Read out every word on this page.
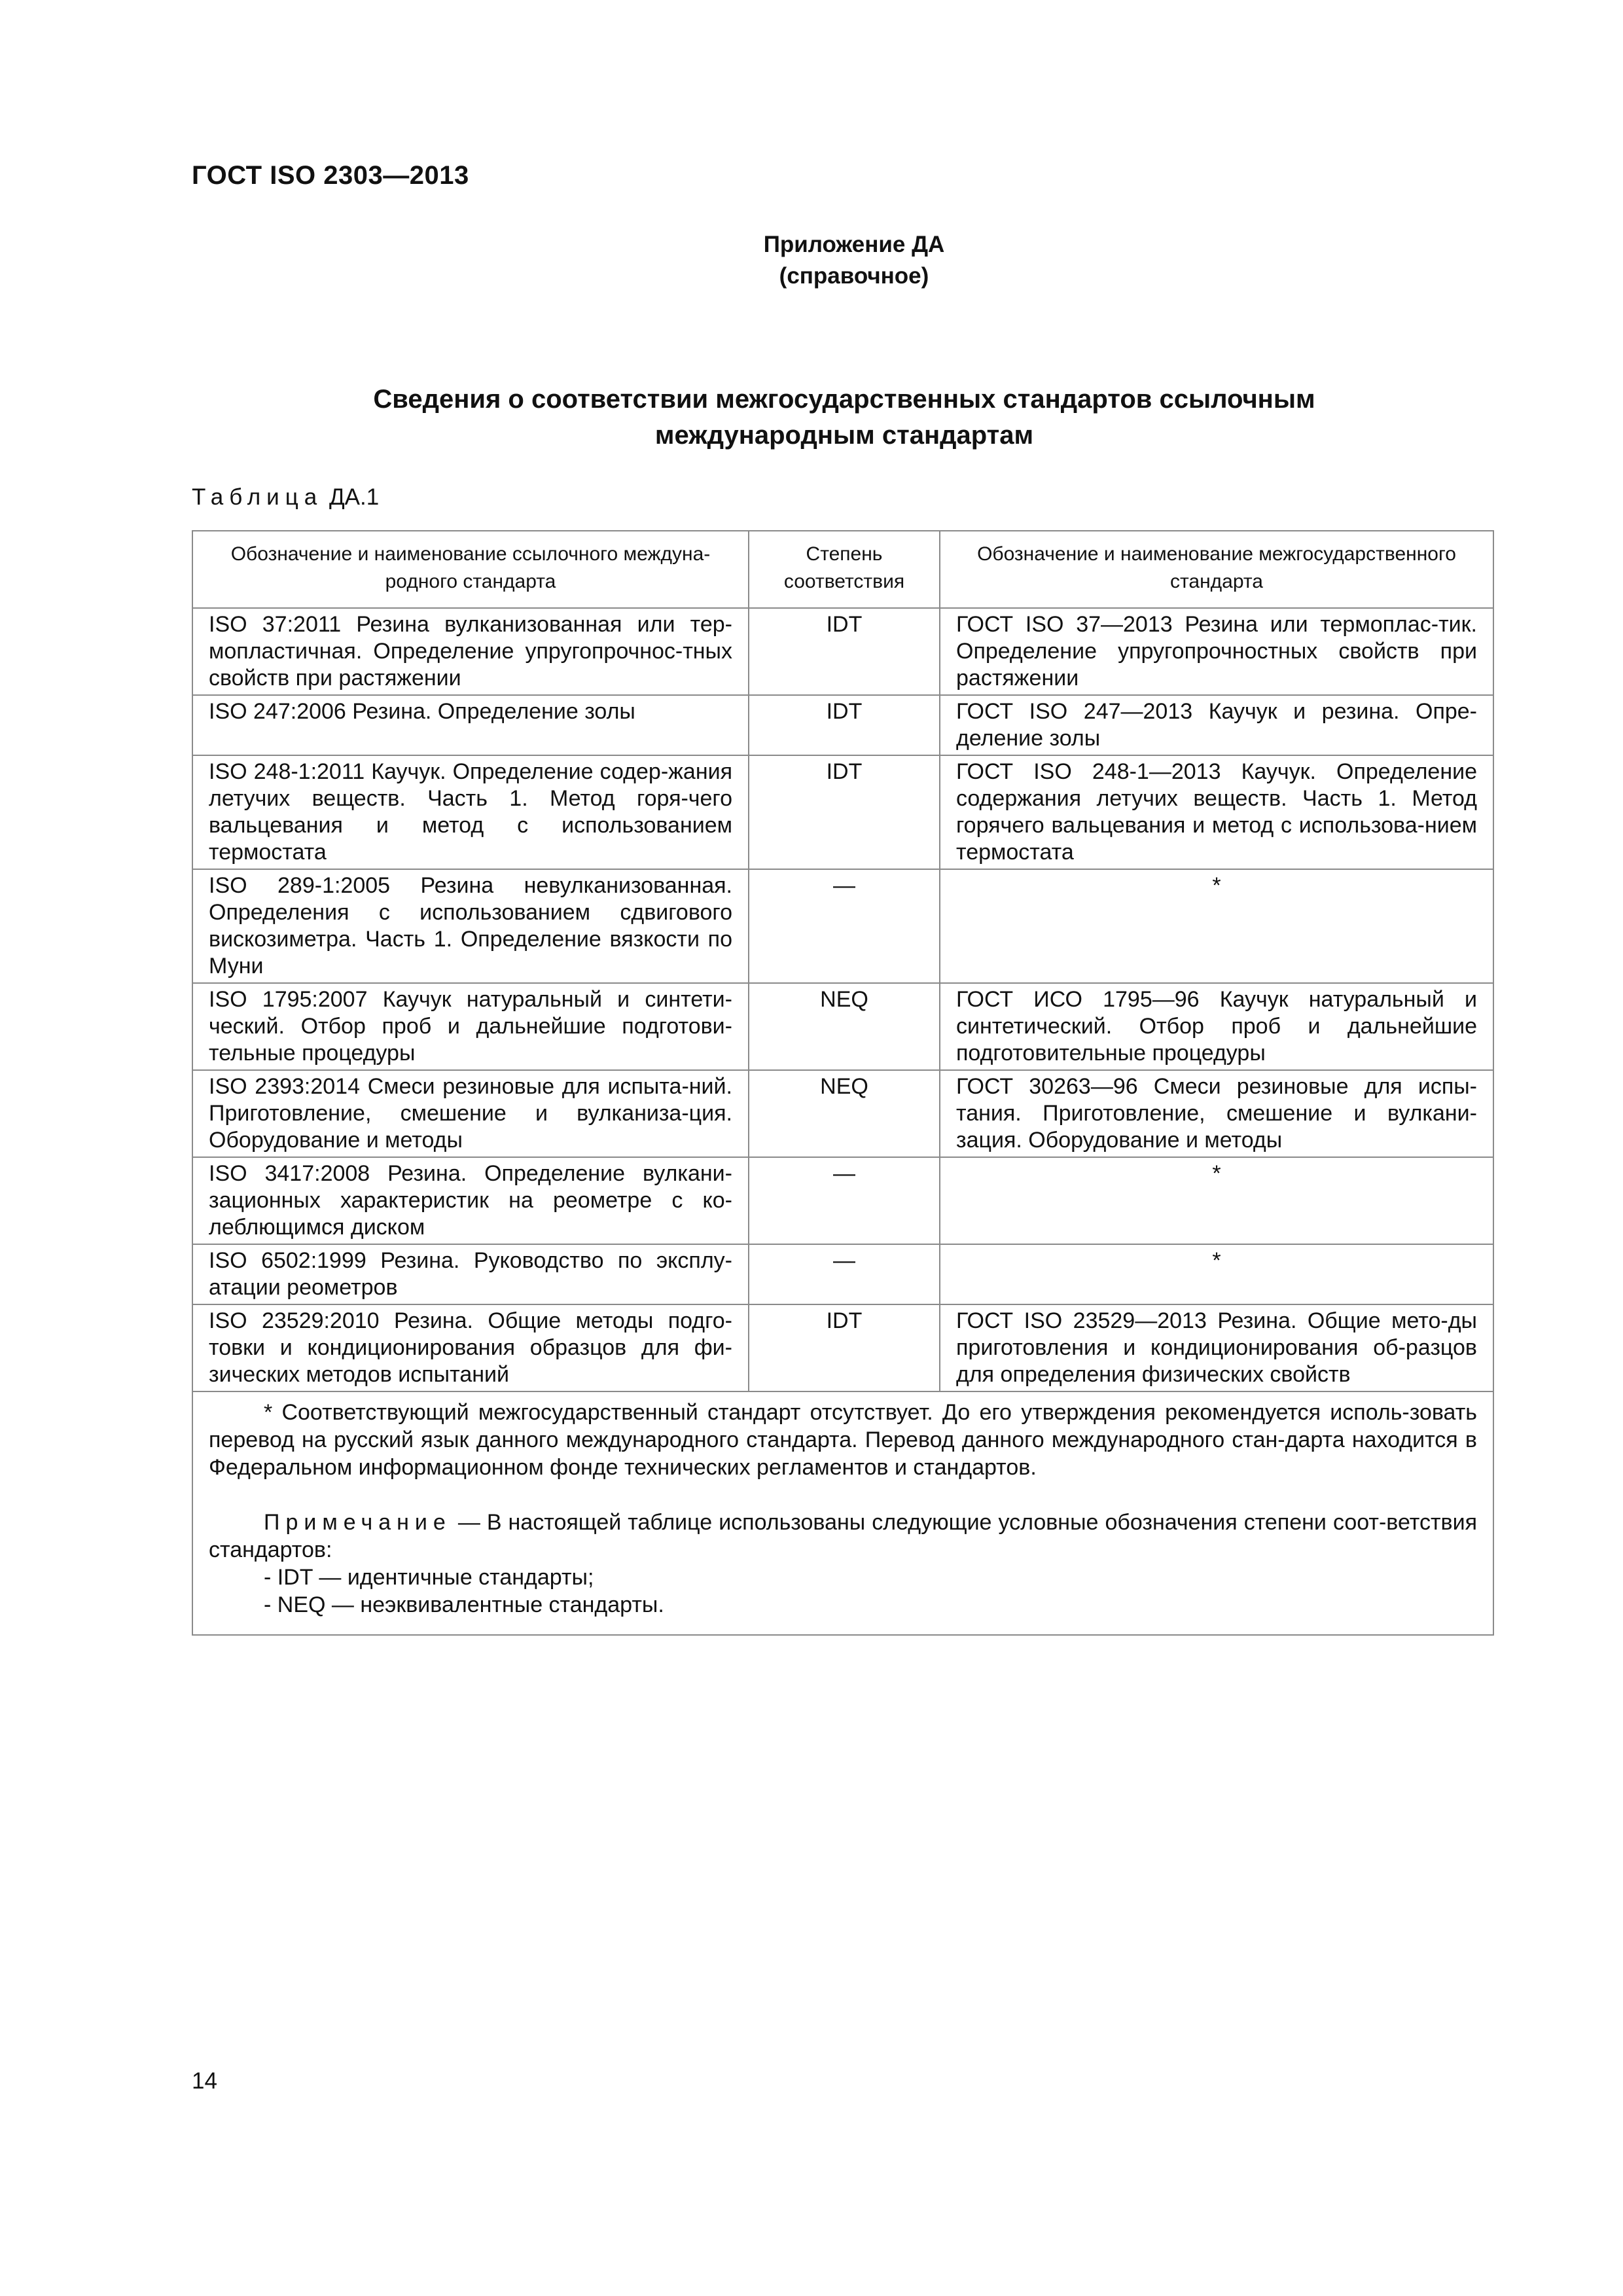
ГОСТ ISO 2303—2013
Приложение ДА
(справочное)
Сведения о соответствии межгосударственных стандартов ссылочным
международным стандартам
Таблица ДА.1
Обозначение и наименование ссылочного междуна-родного стандарта	Степень соответствия	Обозначение и наименование межгосударственного стандарта
ISO 37:2011 Резина вулканизованная или тер-мопластичная. Определение упругопрочнос-тных свойств при растяжении	IDT	ГОСТ ISO 37—2013 Резина или термоплас-тик. Определение упругопрочностных свойств при растяжении
ISO 247:2006 Резина. Определение золы	IDT	ГОСТ ISO 247—2013 Каучук и резина. Опре-деление золы
ISO 248-1:2011 Каучук. Определение содер-жания летучих веществ. Часть 1. Метод горя-чего вальцевания и метод с использованием термостата	IDT	ГОСТ ISO 248-1—2013 Каучук. Определение содержания летучих веществ. Часть 1. Метод горячего вальцевания и метод с использова-нием термостата
ISO 289-1:2005 Резина невулканизованная. Определения с использованием сдвигового вискозиметра. Часть 1. Определение вязкости по Муни	—	*
ISO 1795:2007 Каучук натуральный и синтети-ческий. Отбор проб и дальнейшие подготови-тельные процедуры	NEQ	ГОСТ ИСО 1795—96 Каучук натуральный и синтетический. Отбор проб и дальнейшие подготовительные процедуры
ISO 2393:2014 Смеси резиновые для испыта-ний. Приготовление, смешение и вулканиза-ция. Оборудование и методы	NEQ	ГОСТ 30263—96 Смеси резиновые для испы-тания. Приготовление, смешение и вулкани-зация. Оборудование и методы
ISO 3417:2008 Резина. Определение вулкани-зационных характеристик на реометре с ко-леблющимся диском	—	*
ISO 6502:1999 Резина. Руководство по эксплу-атации реометров	—	*
ISO 23529:2010 Резина. Общие методы подго-товки и кондиционирования образцов для фи-зических методов испытаний	IDT	ГОСТ ISO 23529—2013 Резина. Общие мето-ды приготовления и кондиционирования об-разцов для определения физических свойств

* Соответствующий межгосударственный стандарт отсутствует. До его утверждения рекомендуется исполь-зовать перевод на русский язык данного международного стандарта. Перевод данного международного стан-дарта находится в Федеральном информационном фонде технических регламентов и стандартов.

Примечание — В настоящей таблице использованы следующие условные обозначения степени соот-ветствия стандартов:

- IDT — идентичные стандарты;

- NEQ — неэквивалентные стандарты.		

14
